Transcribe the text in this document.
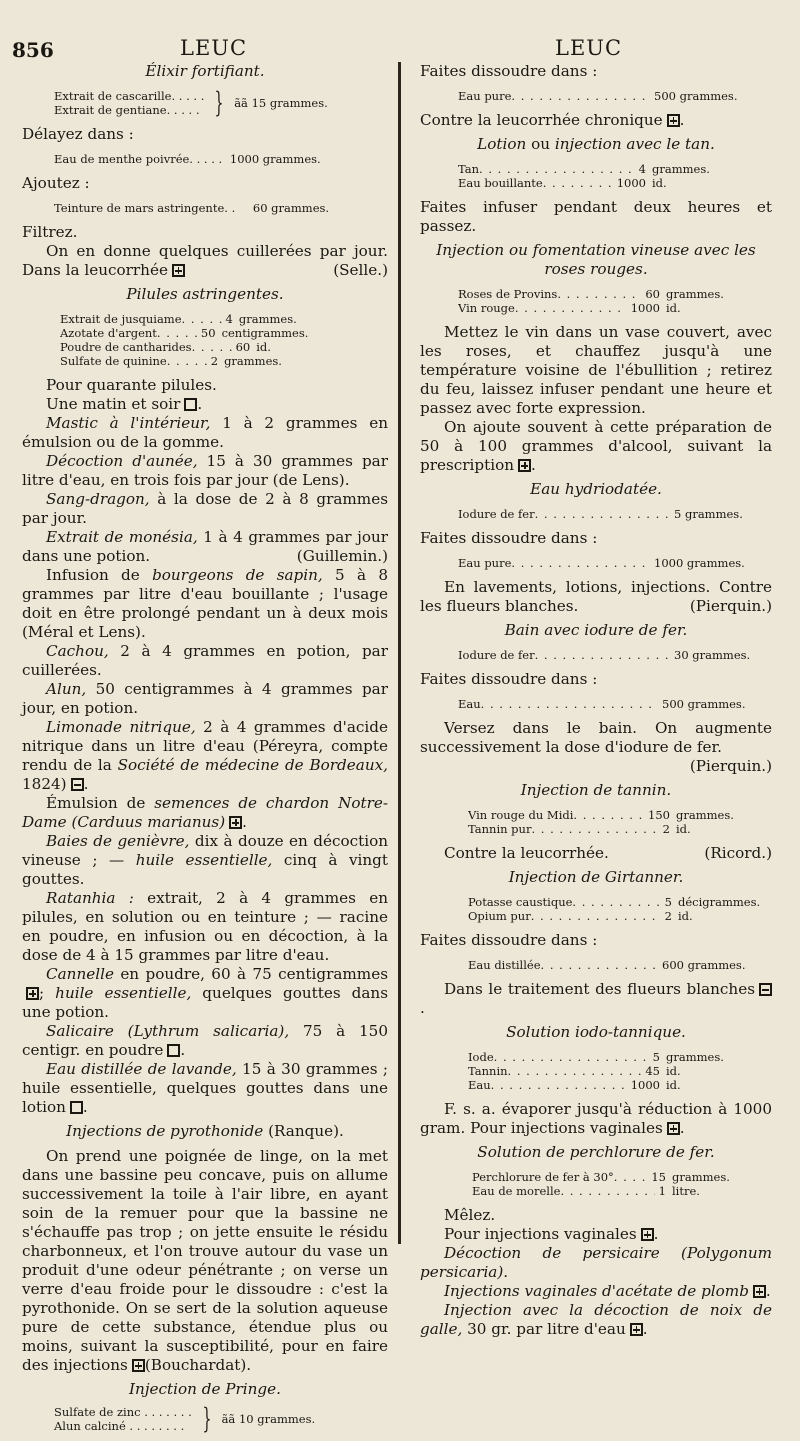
856	LEUC	LEUC

Élixir fortifiant.

Extrait de cascarille. . . . .
Extrait de gentiane. . . . . } ãã 15 grammes.

Délayez dans :

Eau de menthe poivrée. . . . . 1000 grammes.

Ajoutez :

Teinture de mars astringente. . 60 grammes.

Filtrez.

On en donne quelques cuillerées par jour. Dans la leucorrhée	(Selle.)

Pilules astringentes.

Extrait de jusquiame . . .	4 grammes.
Azotate d'argent . . .	50 centigrammes.
Poudre de cantharides . . .	60 id.
Sulfate de quinine . . .	2 grammes.

Pour quarante pilules.

Une matin et soir .

Mastic à l'intérieur, 1 à 2 grammes en émulsion ou de la gomme.

Décoction d'aunée, 15 à 30 grammes par litre d'eau, en trois fois par jour (de Lens).

Sang-dragon, à la dose de 2 à 8 grammes par jour.

Extrait de monésia, 1 à 4 grammes par jour dans une potion.	(Guillemin.)

Infusion de bourgeons de sapin, 5 à 8 grammes par litre d'eau bouillante ; l'usage doit en être prolongé pendant un à deux mois (Méral et Lens).

Cachou, 2 à 4 grammes en potion, par cuillerées.

Alun, 50 centigrammes à 4 grammes par jour, en potion.

Limonade nitrique, 2 à 4 grammes d'acide nitrique dans un litre d'eau (Péreyra, compte rendu de la Société de médecine de Bordeaux, 1824) .

Émulsion de semences de chardon Notre-Dame (Carduus marianus) .

Baies de genièvre, dix à douze en décoction vineuse ; — huile essentielle, cinq à vingt gouttes.

Ratanhia : extrait, 2 à 4 grammes en pilules, en solution ou en teinture ; — racine en poudre, en infusion ou en décoction, à la dose de 4 à 15 grammes par litre d'eau.

Cannelle en poudre, 60 à 75 centigrammes; huile essentielle, quelques gouttes dans une potion.

Salicaire (Lythrum salicaria), 75 à 150 centigr. en poudre .

Eau distillée de lavande, 15 à 30 grammes ; huile essentielle, quelques gouttes dans une lotion .

Injections de pyrothonide (Ranque).

On prend une poignée de linge, on la met dans une bassine peu concave, puis on allume successivement la toile à l'air libre, en ayant soin de la remuer pour que la bassine ne s'échauffe pas trop ; on jette ensuite le résidu charbonneux, et l'on trouve autour du vase un produit d'une odeur pénétrante ; on verse un verre d'eau froide pour le dissoudre : c'est la pyrothonide. On se sert de la solution aqueuse pure de cette substance, étendue plus ou moins, suivant la susceptibilité, pour en faire des injections (Bouchardat).

Injection de Pringe.

Sulfate de zinc . . . . . . .
Alun calciné . . . . . . . . } ãã 10 grammes.

Faites dissoudre dans :

Eau pure . . .	500 grammes.

Contre la leucorrhée chronique .

Lotion ou injection avec le tan.

Tan . . .	4 grammes.
Eau bouillante . . .	1000 id.

Faites infuser pendant deux heures et passez.

Injection ou fomentation vineuse avec les roses rouges.

Roses de Provins . . .	60 grammes.
Vin rouge . . .	1000 id.

Mettez le vin dans un vase couvert, avec les roses, et chauffez jusqu'à une température voisine de l'ébullition ; retirez du feu, laissez infuser pendant une heure et passez avec forte expression.

On ajoute souvent à cette préparation de 50 à 100 grammes d'alcool, suivant la prescription .

Eau hydriodatée.

Iodure de fer . . .	5 grammes.

Faites dissoudre dans :

Eau pure . . .	1000 grammes.

En lavements, lotions, injections. Contre les flueurs blanches.	(Pierquin.)

Bain avec iodure de fer.

Iodure de fer . . .	30 grammes.

Faites dissoudre dans :

Eau . . .	500 grammes.

Versez dans le bain. On augmente successivement la dose d'iodure de fer.
(Pierquin.)

Injection de tannin.

Vin rouge du Midi . . .	150 grammes.
Tannin pur . . .	2 id.

Contre la leucorrhée.	(Ricord.)

Injection de Girtanner.

Potasse caustique . . .	5 décigrammes.
Opium pur . . .	2 id.

Faites dissoudre dans :

Eau distillée . . .	600 grammes.

Dans le traitement des flueurs blanches.

Solution iodo-tannique.

Iode . . .	5 grammes.
Tannin . . .	45 id.
Eau . . .	1000 id.

F. s. a. évaporer jusqu'à réduction à 1000 gram. Pour injections vaginales .

Solution de perchlorure de fer.

Perchlorure de fer à 30° . . .	15 grammes.
Eau de morelle . . .	1 litre.

Mêlez.

Pour injections vaginales .

Décoction de persicaire (Polygonum persicaria).

Injections vaginales d'acétate de plomb .

Injection avec la décoction de noix de galle, 30 gr. par litre d'eau .
